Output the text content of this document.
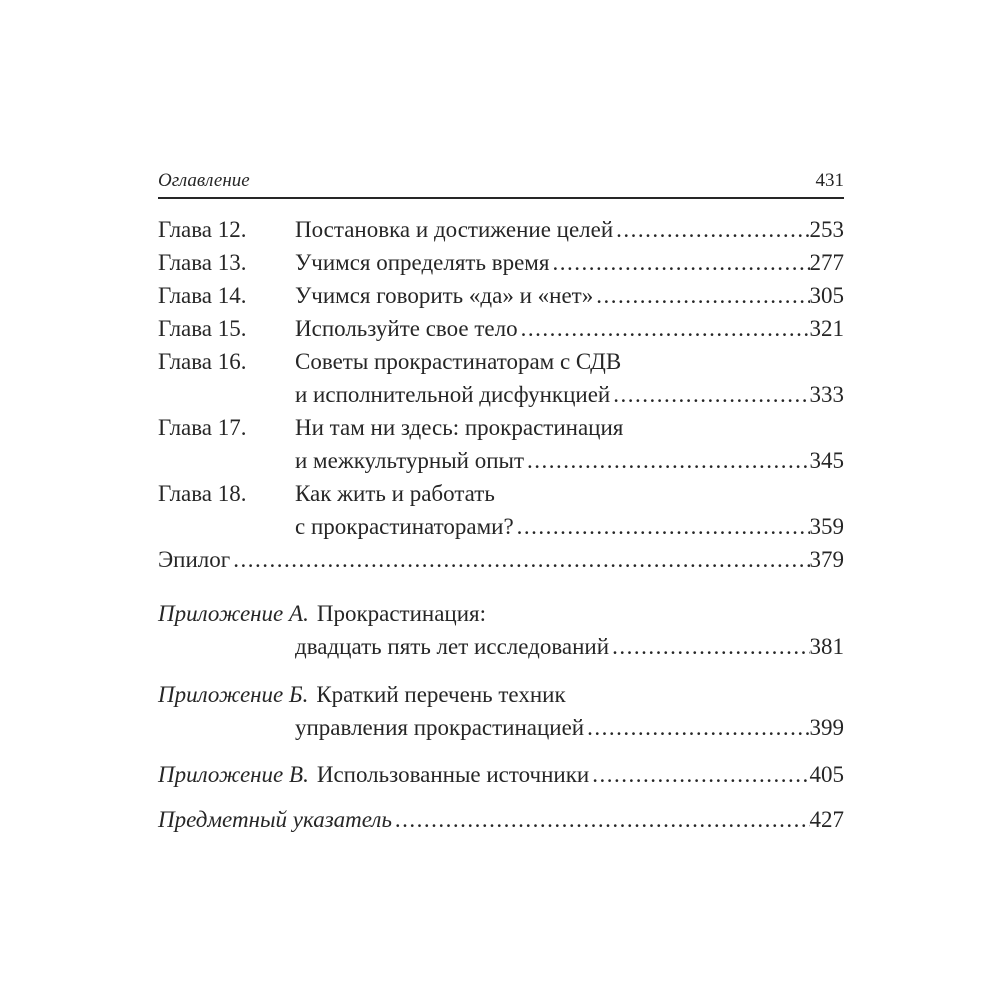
Оглавление	431
Глава 12.	Постановка и достижение целей .....	253
Глава 13.	Учимся определять время .....	277
Глава 14.	Учимся говорить «да» и «нет» .....	305
Глава 15.	Используйте свое тело .....	321
Глава 16.	Советы прокрастинаторам с СДВ
и исполнительной дисфункцией .....	333
Глава 17.	Ни там ни здесь: прокрастинация
и межкультурный опыт .....	345
Глава 18.	Как жить и работать
с прокрастинаторами? .....	359
Эпилог .....	379
Приложение А. Прокрастинация:
двадцать пять лет исследований .....	381
Приложение Б. Краткий перечень техник
управления прокрастинацией .....	399
Приложение В. Использованные источники .....	405
Предметный указатель .....	427
